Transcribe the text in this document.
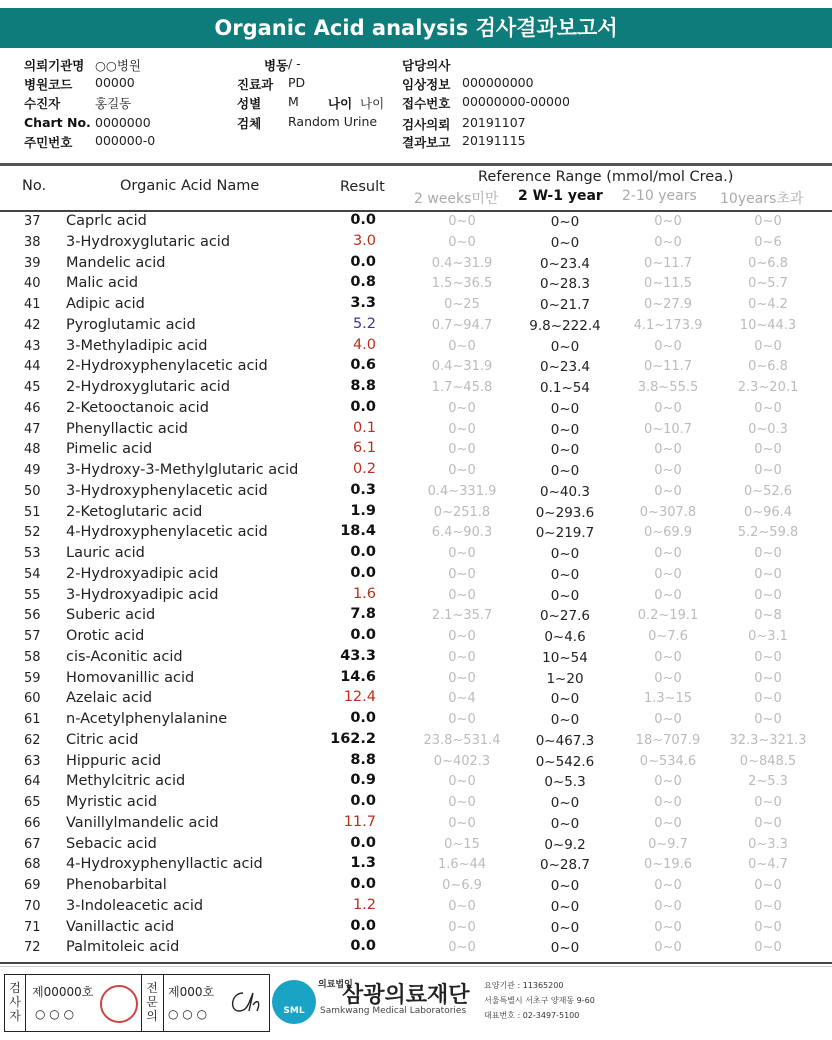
Organic Acid analysis 검사결과보고서
의뢰기관명 ○○병원	병동 / -	담당의사
병원코드 00000	진료과 PD	임상정보 000000000
수진자	홍길동	성별 M 나이 나이 접수번호 00000000-00000
Chart No. 0000000	검체 Random Urine 검사의뢰 20191107
주민번호 000000-0	결과보고 20191115
No.	Organic Acid Name	Result
Reference Range (mmol/mol Crea.)
2 weeks미만 2 W-1 year 2-10 years 10years초과
37	Caprlc acid	0.0	0~0	0~0	0~0	0~0
38	3-Hydroxyglutaric acid	3.0	0~0	0~0	0~0	0~6
39	Mandelic acid	0.0	0.4~31.9	0~23.4	0~11.7	0~6.8
40	Malic acid	0.8	1.5~36.5	0~28.3	0~11.5	0~5.7
41	Adipic acid	3.3	0~25	0~21.7	0~27.9	0~4.2
42	Pyroglutamic acid	5.2	0.7~94.7	9.8~222.4	4.1~173.9	10~44.3
43	3-Methyladipic acid	4.0	0~0	0~0	0~0	0~0
44	2-Hydroxyphenylacetic acid	0.6	0.4~31.9	0~23.4	0~11.7	0~6.8
45	2-Hydroxyglutaric acid	8.8	1.7~45.8	0.1~54	3.8~55.5	2.3~20.1
46	2-Ketooctanoic acid	0.0	0~0	0~0	0~0	0~0
47	Phenyllactic acid	0.1	0~0	0~0	0~10.7	0~0.3
48	Pimelic acid	6.1	0~0	0~0	0~0	0~0
49	3-Hydroxy-3-Methylglutaric acid	0.2	0~0	0~0	0~0	0~0
50	3-Hydroxyphenylacetic acid	0.3	0.4~331.9	0~40.3	0~0	0~52.6
51	2-Ketoglutaric acid	1.9	0~251.8	0~293.6	0~307.8	0~96.4
52	4-Hydroxyphenylacetic acid	18.4	6.4~90.3	0~219.7	0~69.9	5.2~59.8
53	Lauric acid	0.0	0~0	0~0	0~0	0~0
54	2-Hydroxyadipic acid	0.0	0~0	0~0	0~0	0~0
55	3-Hydroxyadipic acid	1.6	0~0	0~0	0~0	0~0
56	Suberic acid	7.8	2.1~35.7	0~27.6	0.2~19.1	0~8
57	Orotic acid	0.0	0~0	0~4.6	0~7.6	0~3.1
58	cis-Aconitic acid	43.3	0~0	10~54	0~0	0~0
59	Homovanillic acid	14.6	0~0	1~20	0~0	0~0
60	Azelaic acid	12.4	0~4	0~0	1.3~15	0~0
61	n-Acetylphenylalanine	0.0	0~0	0~0	0~0	0~0
62	Citric acid	162.2	23.8~531.4	0~467.3	18~707.9	32.3~321.3
63	Hippuric acid	8.8	0~402.3	0~542.6	0~534.6	0~848.5
64	Methylcitric acid	0.9	0~0	0~5.3	0~0	2~5.3
65	Myristic acid	0.0	0~0	0~0	0~0	0~0
66	Vanillylmandelic acid	11.7	0~0	0~0	0~0	0~0
67	Sebacic acid	0.0	0~15	0~9.2	0~9.7	0~3.3
68	4-Hydroxyphenyllactic acid	1.3	1.6~44	0~28.7	0~19.6	0~4.7
69	Phenobarbital	0.0	0~6.9	0~0	0~0	0~0
70	3-Indoleacetic acid	1.2	0~0	0~0	0~0	0~0
71	Vanillactic acid	0.0	0~0	0~0	0~0	0~0
72	Palmitoleic acid	0.0	0~0	0~0	0~0	0~0
검사자
제00000호
○ ○ ○
전문의
제000호
○ ○ ○	SML
의료법인
삼광의료재단
Samkwang Medical Laboratories
요양기관 : 11365200
서울특별시 서초구 양재동 9-60
대표번호 : 02-3497-5100
